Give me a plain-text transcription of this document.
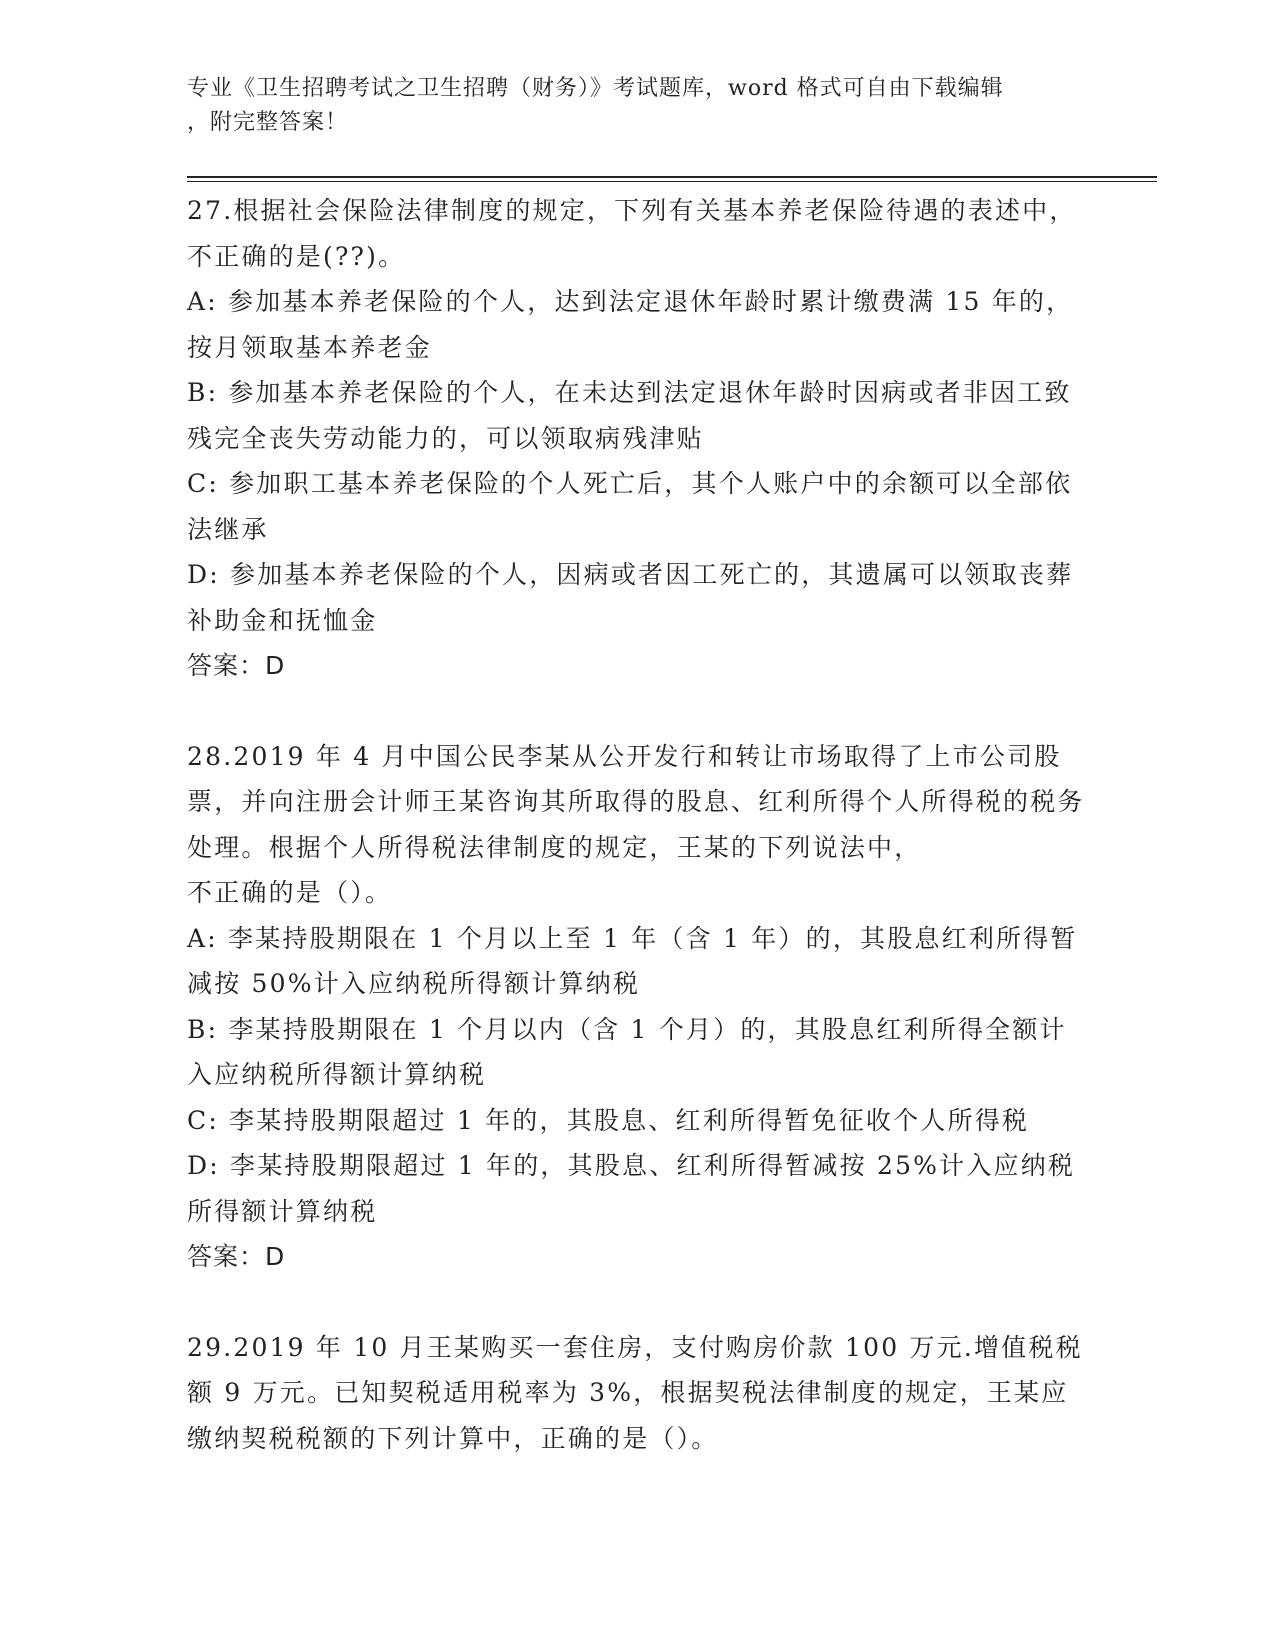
专业《卫生招聘考试之卫生招聘（财务）》考试题库，word 格式可自由下载编辑
，附完整答案！

27.根据社会保险法律制度的规定，下列有关基本养老保险待遇的表述中，不正确的是(??)。

A: 参加基本养老保险的个人，达到法定退休年龄时累计缴费满 15 年的，按月领取基本养老金

B: 参加基本养老保险的个人，在未达到法定退休年龄时因病或者非因工致残完全丧失劳动能力的，可以领取病残津贴

C: 参加职工基本养老保险的个人死亡后，其个人账户中的余额可以全部依法继承

D: 参加基本养老保险的个人，因病或者因工死亡的，其遗属可以领取丧葬补助金和抚恤金

答案：D

28.2019 年 4 月中国公民李某从公开发行和转让市场取得了上市公司股票，并向注册会计师王某咨询其所取得的股息、红利所得个人所得税的税务处理。根据个人所得税法律制度的规定，王某的下列说法中，

不正确的是（）。

A: 李某持股期限在 1 个月以上至 1 年（含 1 年）的，其股息红利所得暂减按 50%计入应纳税所得额计算纳税

B: 李某持股期限在 1 个月以内（含 1 个月）的，其股息红利所得全额计入应纳税所得额计算纳税

C: 李某持股期限超过 1 年的，其股息、红利所得暂免征收个人所得税

D: 李某持股期限超过 1 年的，其股息、红利所得暂减按 25%计入应纳税所得额计算纳税

答案：D

29.2019 年 10 月王某购买一套住房，支付购房价款 100 万元.增值税税额 9 万元。已知契税适用税率为 3%，根据契税法律制度的规定，王某应缴纳契税税额的下列计算中，正确的是（）。
